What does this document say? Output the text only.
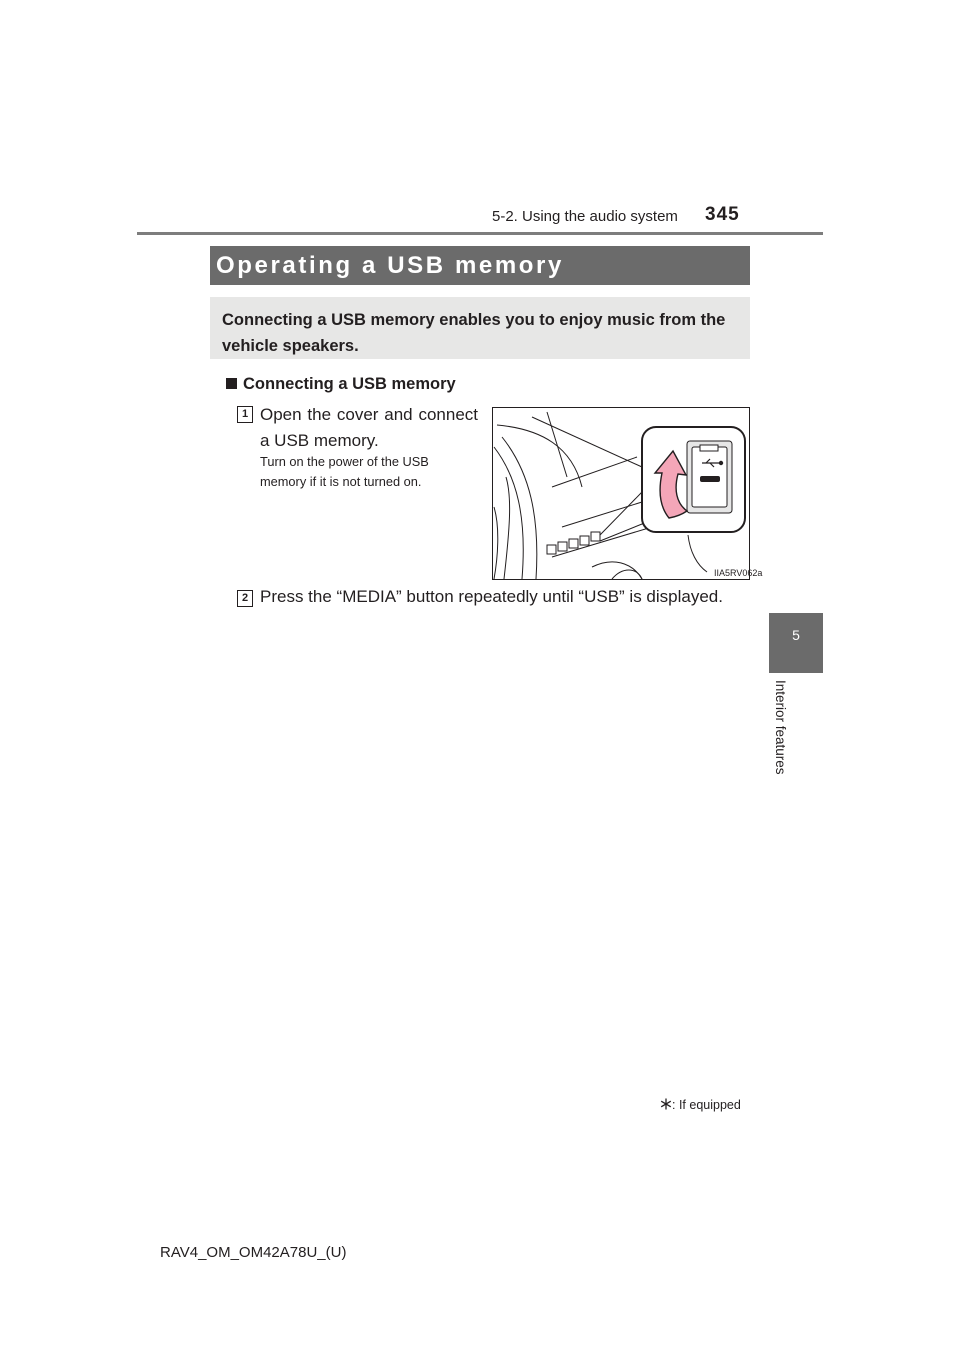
5-2. Using the audio system 345
5
Interior features
Operating a USB memory
Connecting a USB memory enables you to enjoy music from the vehicle speakers.
Connecting a USB memory
1 Open the cover and connect
a USB memory.
Turn on the power of the USB memory if it is not turned on.
IIA5RV062a
2 Press the “MEDIA” button repeatedly until “USB” is displayed.
: If equipped
RAV4_OM_OM42A78U_(U)
